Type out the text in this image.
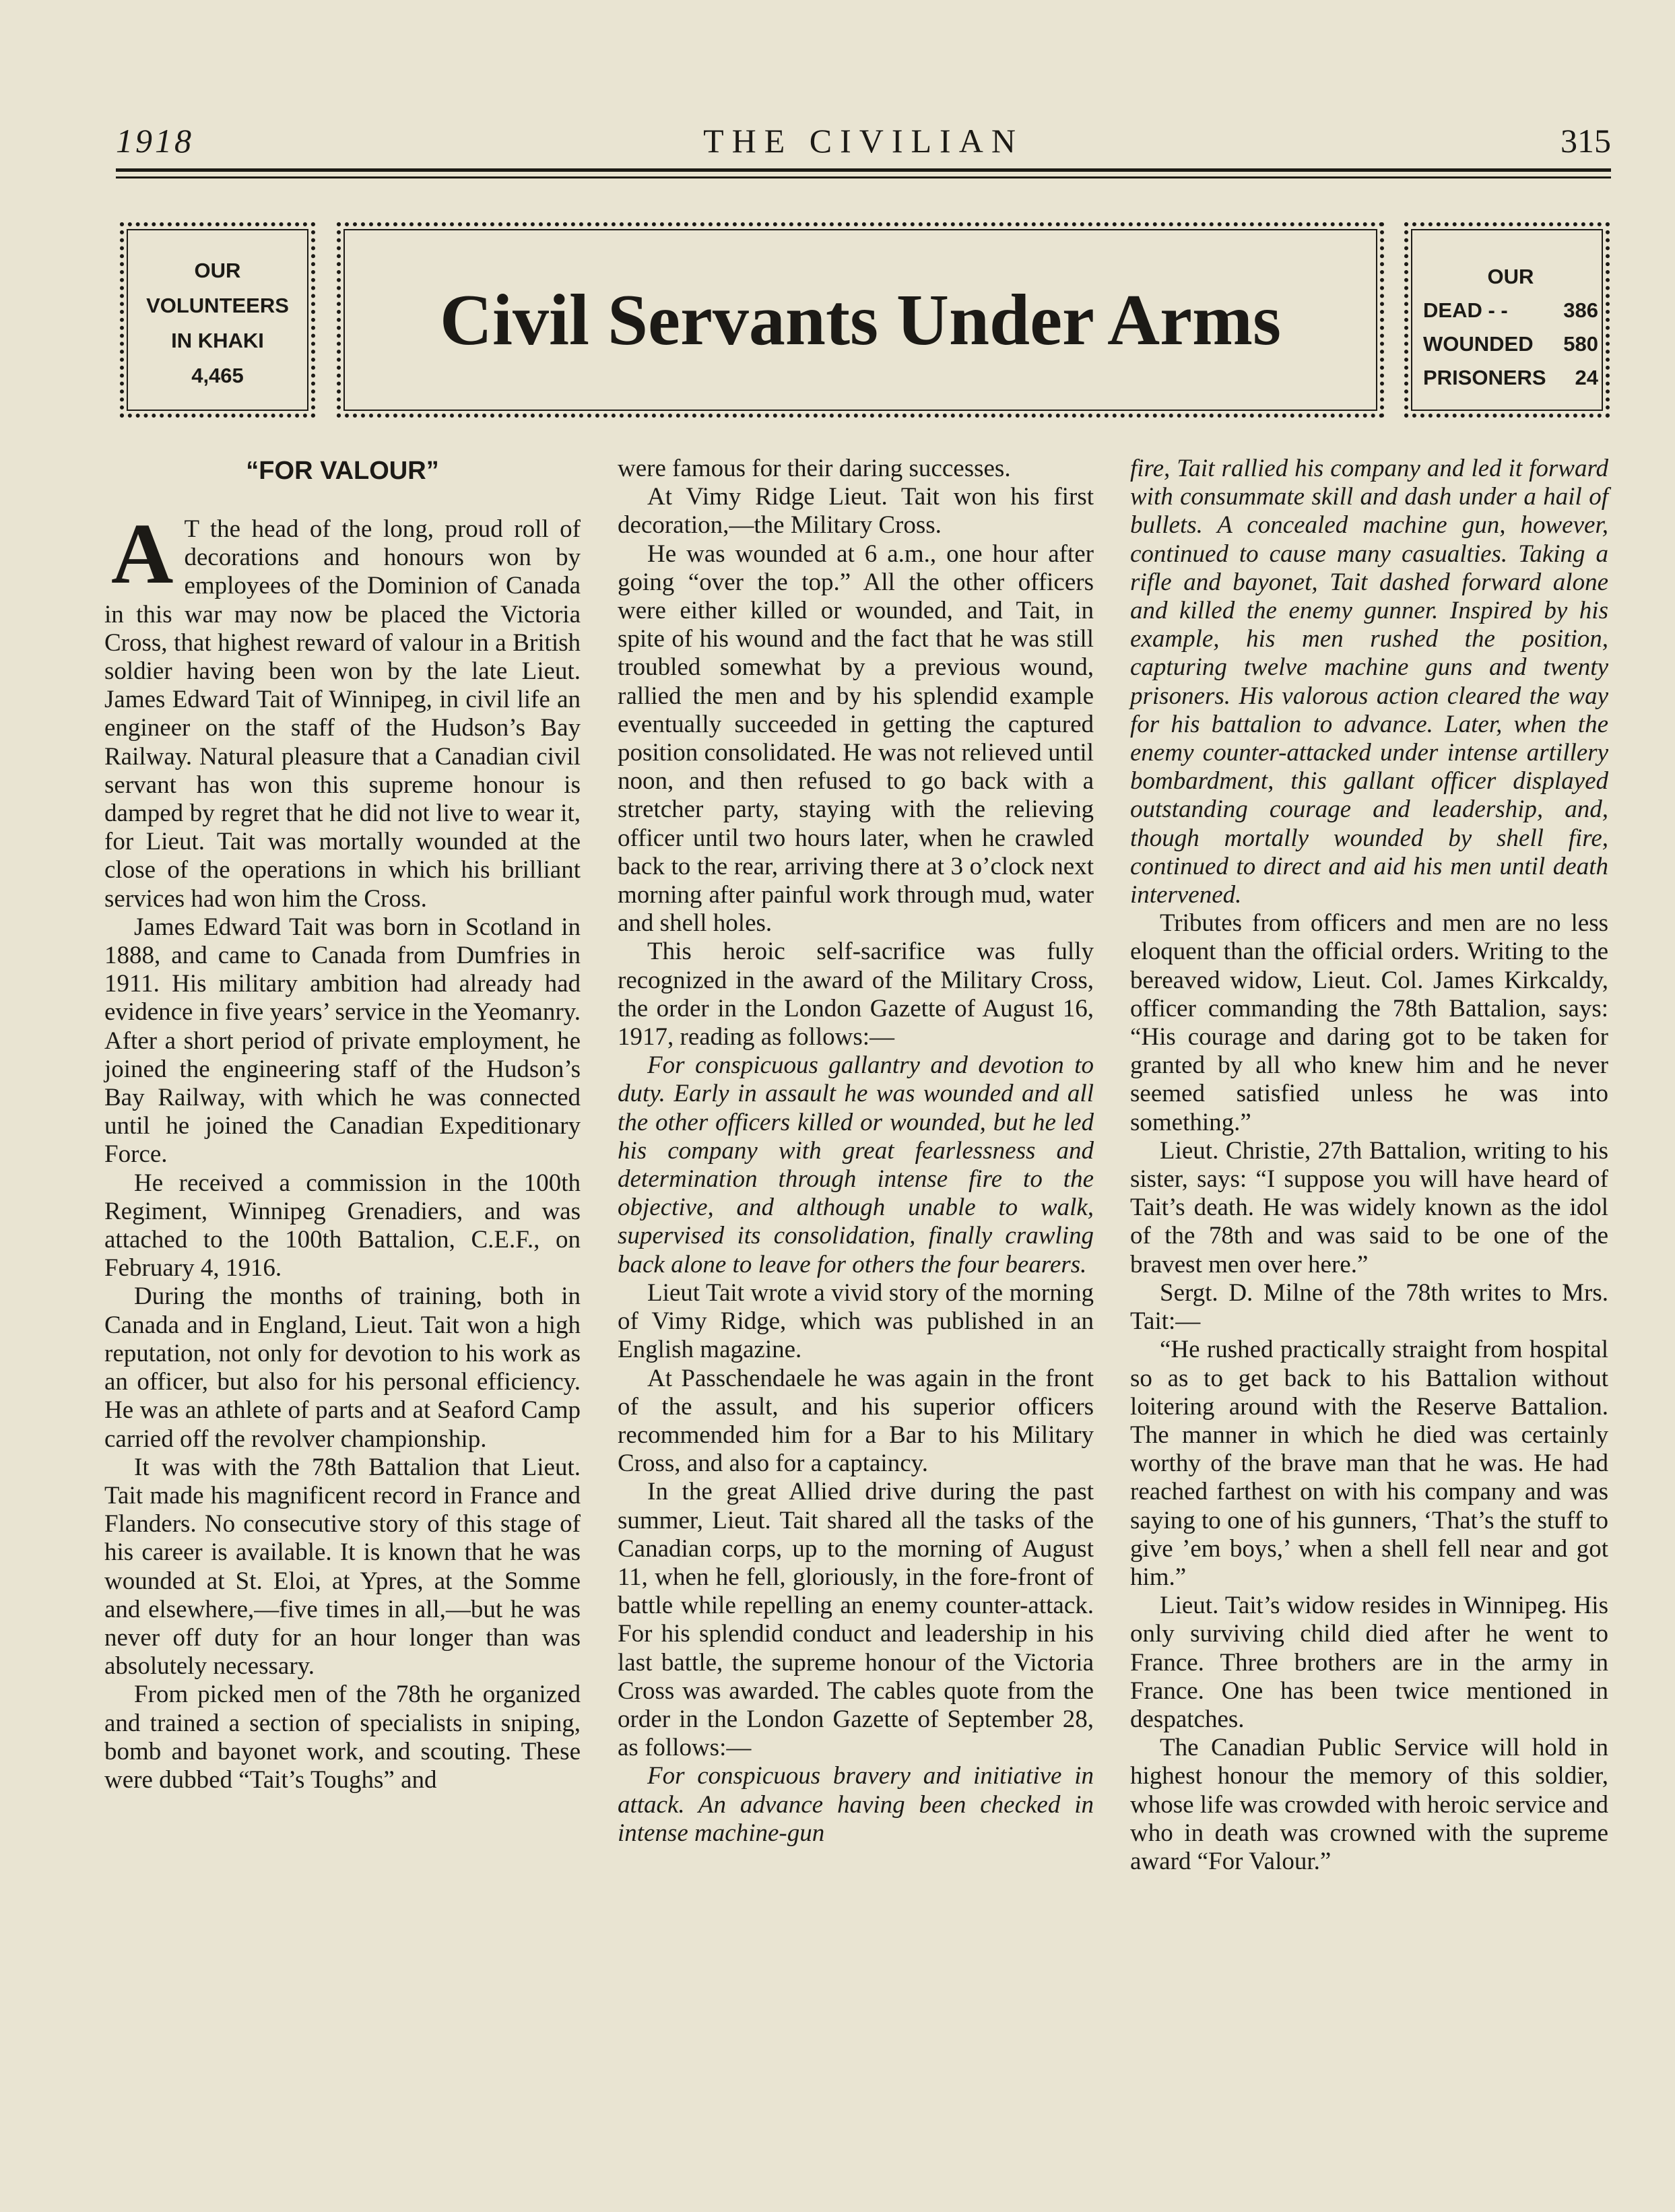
1918	THE CIVILIAN	315
OUR
VOLUNTEERS
IN KHAKI
4,465
Civil Servants Under Arms
OUR
DEAD - -	386
WOUNDED 580
PRISONERS 24
“FOR VALOUR”

A T the head of the long, proud roll of decorations and honours won by employees of the Dominion of Canada in this war may now be placed the Victoria Cross, that highest reward of valour in a British soldier having been won by the late Lieut. James Edward Tait of Winnipeg, in civil life an engineer on the staff of the Hudson’s Bay Railway. Natural pleasure that a Canadian civil servant has won this supreme honour is damped by regret that he did not live to wear it, for Lieut. Tait was mortally wounded at the close of the operations in which his brilliant services had won him the Cross.

James Edward Tait was born in Scotland in 1888, and came to Canada from Dumfries in 1911. His military ambition had already had evidence in five years’ service in the Yeomanry. After a short period of private employment, he joined the engineering staff of the Hudson’s Bay Railway, with which he was connected until he joined the Canadian Expeditionary Force.

He received a commission in the 100th Regiment, Winnipeg Grenadiers, and was attached to the 100th Battalion, C.E.F., on February 4, 1916.

During the months of training, both in Canada and in England, Lieut. Tait won a high reputation, not only for devotion to his work as an officer, but also for his personal efficiency. He was an athlete of parts and at Seaford Camp carried off the revolver championship.

It was with the 78th Battalion that Lieut. Tait made his magnificent record in France and Flanders. No consecutive story of this stage of his career is available. It is known that he was wounded at St. Eloi, at Ypres, at the Somme and elsewhere,—five times in all,—but he was never off duty for an hour longer than was absolutely necessary.

From picked men of the 78th he organized and trained a section of specialists in sniping, bomb and bayonet work, and scouting. These were dubbed “Tait’s Toughs” and

were famous for their daring successes.

At Vimy Ridge Lieut. Tait won his first decoration,—the Military Cross.

He was wounded at 6 a.m., one hour after going “over the top.” All the other officers were either killed or wounded, and Tait, in spite of his wound and the fact that he was still troubled somewhat by a previous wound, rallied the men and by his splendid example eventually succeeded in getting the captured position consolidated. He was not relieved until noon, and then refused to go back with a stretcher party, staying with the relieving officer until two hours later, when he crawled back to the rear, arriving there at 3 o’clock next morning after painful work through mud, water and shell holes.

This heroic self-sacrifice was fully recognized in the award of the Military Cross, the order in the London Gazette of August 16, 1917, reading as follows:—

For conspicuous gallantry and devotion to duty. Early in assault he was wounded and all the other officers killed or wounded, but he led his company with great fearlessness and determination through intense fire to the objective, and although unable to walk, supervised its consolidation, finally crawling back alone to leave for others the four bearers.

Lieut Tait wrote a vivid story of the morning of Vimy Ridge, which was published in an English magazine.

At Passchendaele he was again in the front of the assult, and his superior officers recommended him for a Bar to his Military Cross, and also for a captaincy.

In the great Allied drive during the past summer, Lieut. Tait shared all the tasks of the Canadian corps, up to the morning of August 11, when he fell, gloriously, in the fore-front of battle while repelling an enemy counter-attack. For his splendid conduct and leadership in his last battle, the supreme honour of the Victoria Cross was awarded. The cables quote from the order in the London Gazette of September 28, as follows:—

For conspicuous bravery and initiative in attack. An advance having been checked in intense machine-gun

fire, Tait rallied his company and led it forward with consummate skill and dash under a hail of bullets. A concealed machine gun, however, continued to cause many casualties. Taking a rifle and bayonet, Tait dashed forward alone and killed the enemy gunner. Inspired by his example, his men rushed the position, capturing twelve machine guns and twenty prisoners. His valorous action cleared the way for his battalion to advance. Later, when the enemy counter-attacked under intense artillery bombardment, this gallant officer displayed outstanding courage and leadership, and, though mortally wounded by shell fire, continued to direct and aid his men until death intervened.

Tributes from officers and men are no less eloquent than the official orders. Writing to the bereaved widow, Lieut. Col. James Kirkcaldy, officer commanding the 78th Battalion, says: “His courage and daring got to be taken for granted by all who knew him and he never seemed satisfied unless he was into something.”

Lieut. Christie, 27th Battalion, writing to his sister, says: “I suppose you will have heard of Tait’s death. He was widely known as the idol of the 78th and was said to be one of the bravest men over here.”

Sergt. D. Milne of the 78th writes to Mrs. Tait:—

“He rushed practically straight from hospital so as to get back to his Battalion without loitering around with the Reserve Battalion. The manner in which he died was certainly worthy of the brave man that he was. He had reached farthest on with his company and was saying to one of his gunners, ‘That’s the stuff to give ’em boys,’ when a shell fell near and got him.”

Lieut. Tait’s widow resides in Winnipeg. His only surviving child died after he went to France. Three brothers are in the army in France. One has been twice mentioned in despatches.

The Canadian Public Service will hold in highest honour the memory of this soldier, whose life was crowded with heroic service and who in death was crowned with the supreme award “For Valour.”
